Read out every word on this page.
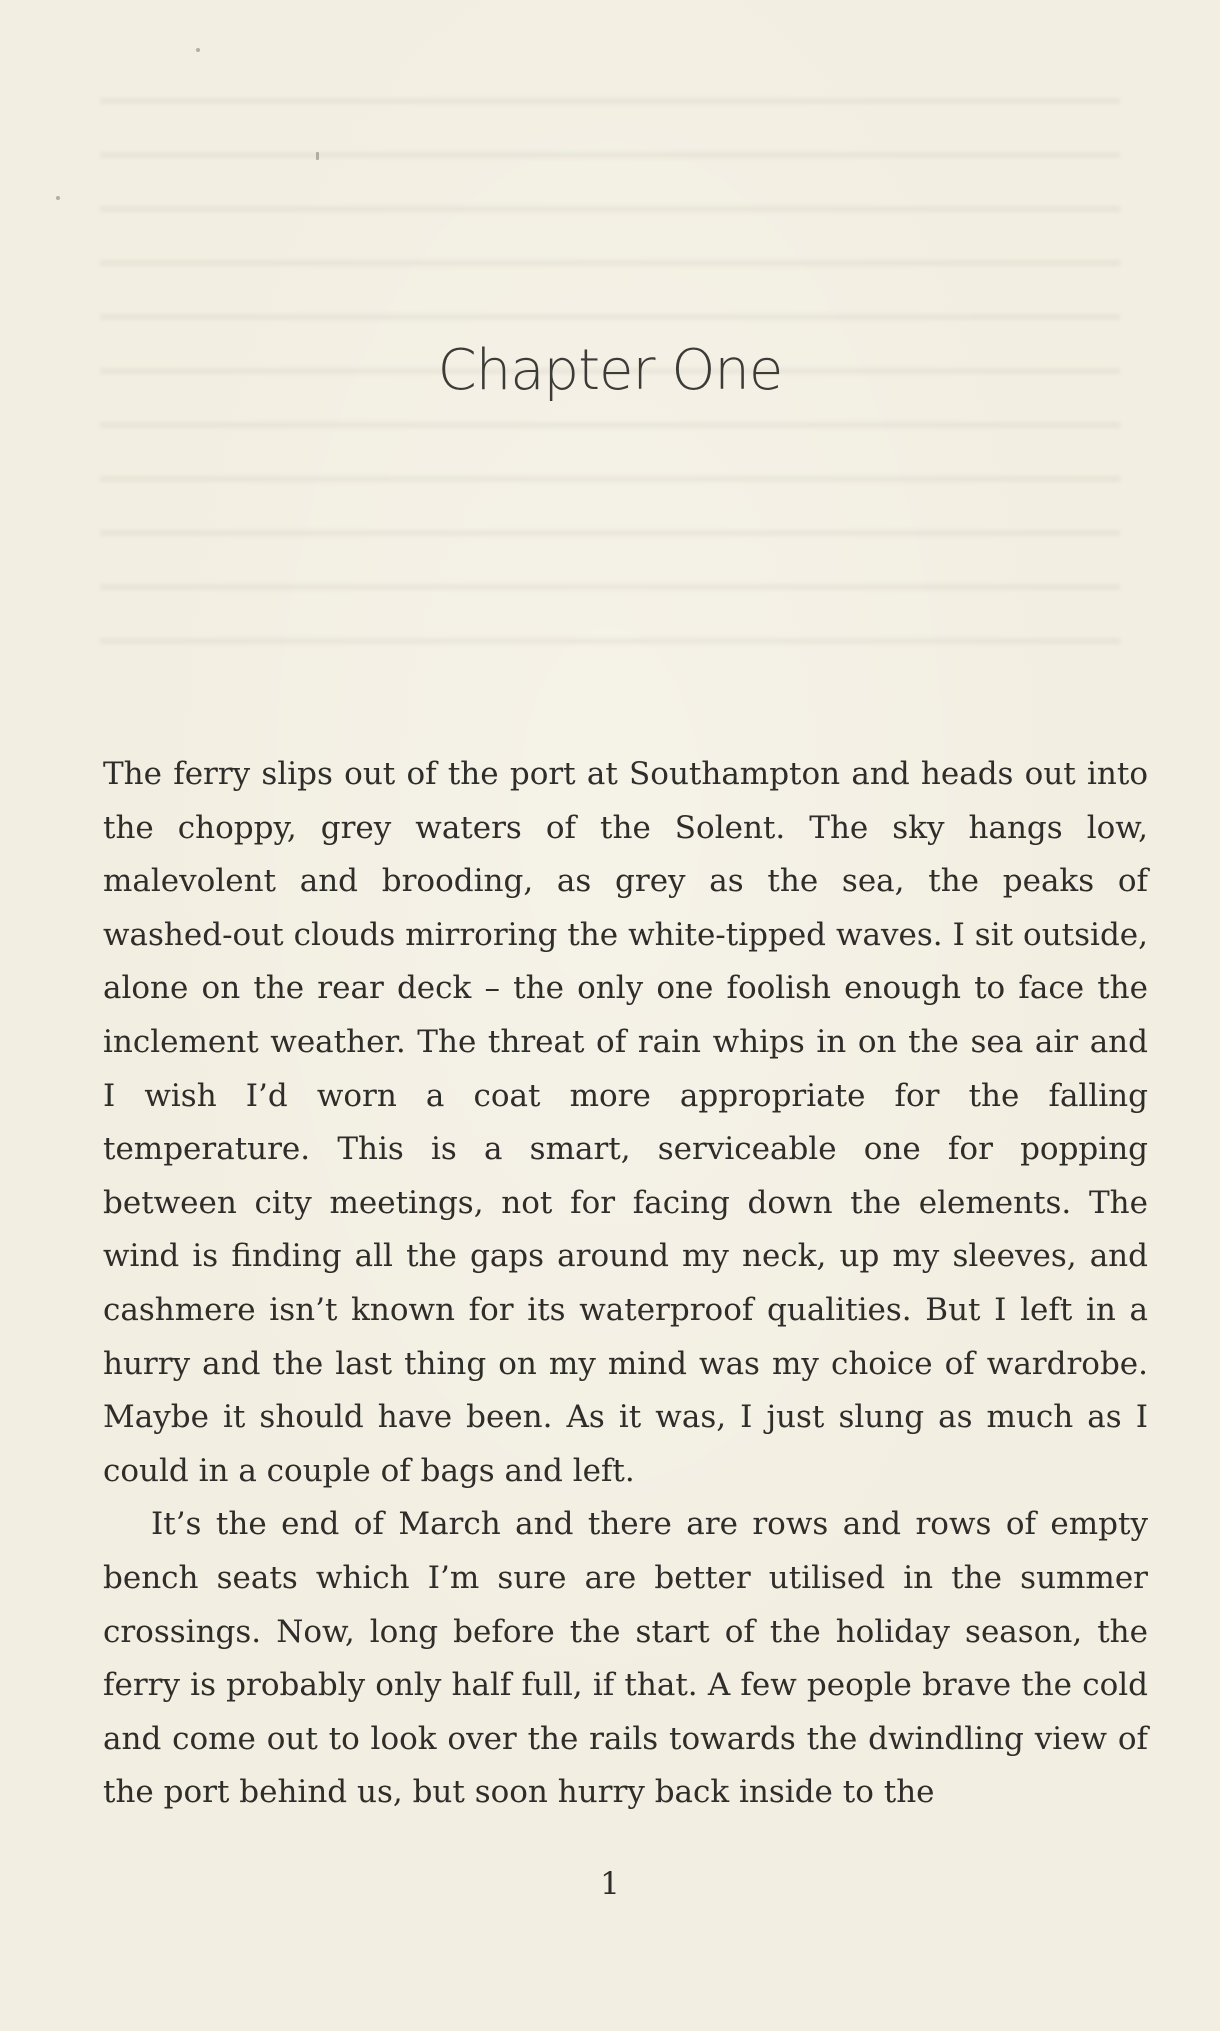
Chapter One

The ferry slips out of the port at Southampton and heads out into the choppy, grey waters of the Solent. The sky hangs low, malevolent and brooding, as grey as the sea, the peaks of washed-out clouds mirroring the white-tipped waves. I sit outside, alone on the rear deck – the only one foolish enough to face the inclement weather. The threat of rain whips in on the sea air and I wish I’d worn a coat more appropriate for the falling temperature. This is a smart, serviceable one for popping between city meetings, not for facing down the elements. The wind is finding all the gaps around my neck, up my sleeves, and cashmere isn’t known for its waterproof qualities. But I left in a hurry and the last thing on my mind was my choice of wardrobe. Maybe it should have been. As it was, I just slung as much as I could in a couple of bags and left.

It’s the end of March and there are rows and rows of empty bench seats which I’m sure are better utilised in the summer crossings. Now, long before the start of the holiday season, the ferry is probably only half full, if that. A few people brave the cold and come out to look over the rails towards the dwindling view of the port behind us, but soon hurry back inside to the

1
